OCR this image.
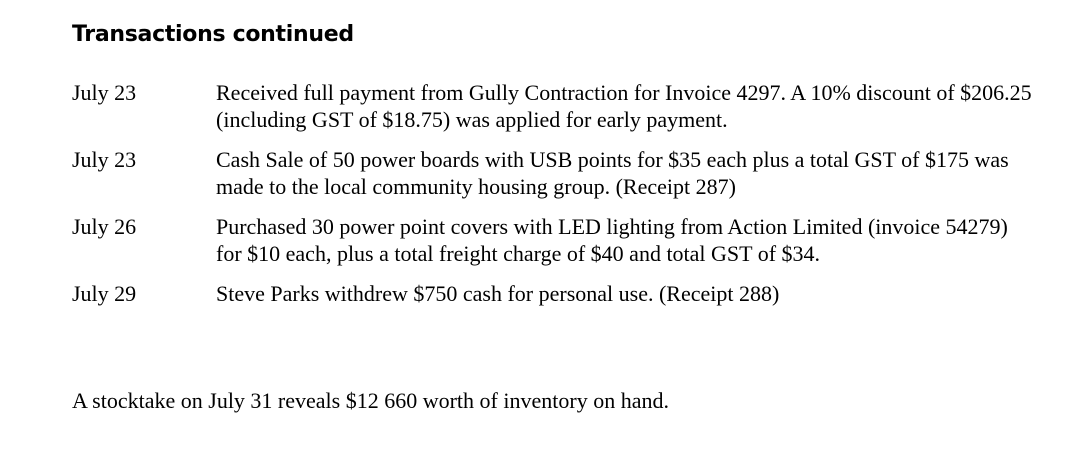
Transactions continued
July 23	Received full payment from Gully Contraction for Invoice 4297. A 10% discount of $206.25 (including GST of $18.75) was applied for early payment.
July 23	Cash Sale of 50 power boards with USB points for $35 each plus a total GST of $175 was made to the local community housing group. (Receipt 287)
July 26	Purchased 30 power point covers with LED lighting from Action Limited (invoice 54279) for $10 each, plus a total freight charge of $40 and total GST of $34.
July 29	Steve Parks withdrew $750 cash for personal use. (Receipt 288)

A stocktake on July 31 reveals $12 660 worth of inventory on hand.
